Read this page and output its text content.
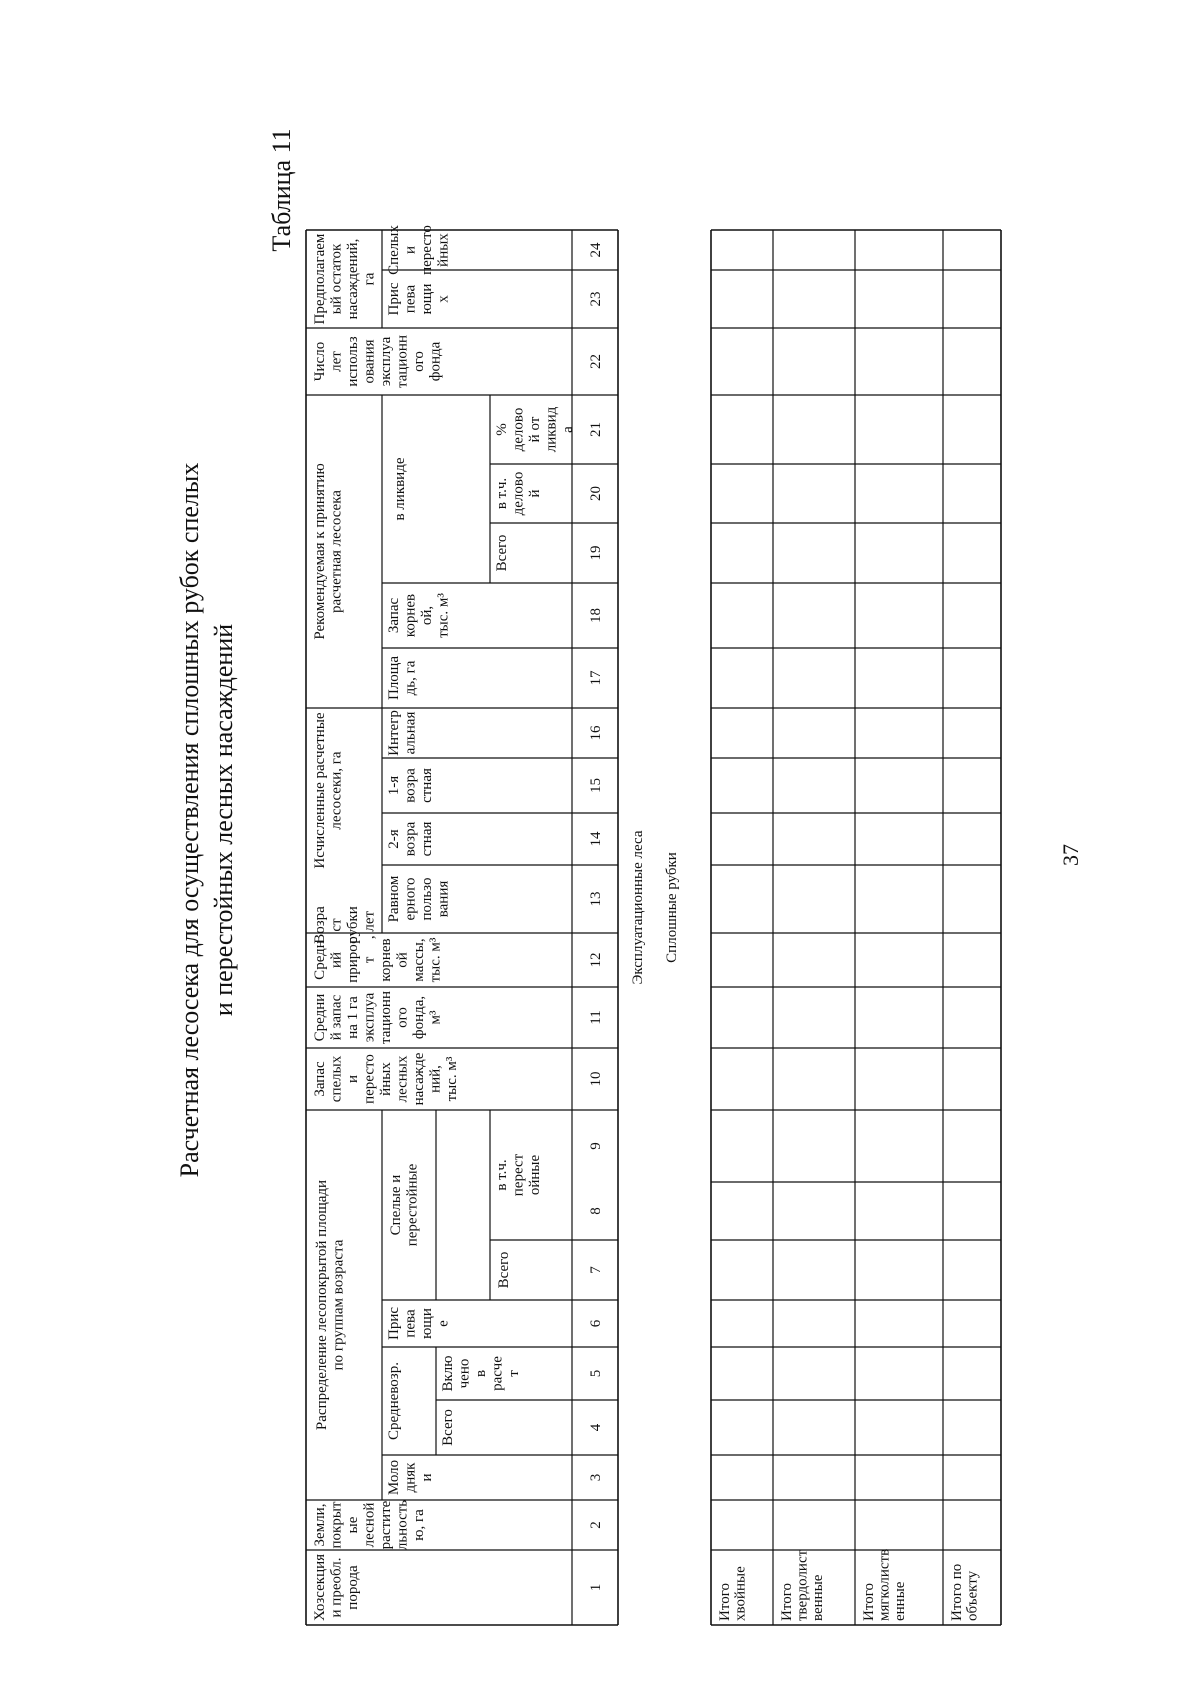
Расчетная лесосека для осуществления сплошных рубок спелых и перестойных лесных насаждений
Таблица 11
37
Хозсекция и преобл. порода
Земли, покрыт ые лесной растите льность ю, га
Распределение лесопокрытой площади по группам возраста
Моло дняк и
Средневозр.	Всего
Вклю чено в расче т
Прис пева ющи е
Спелые и перестойные
Всего
в т.ч. перест ойные
Запас спелых и пересто йных лесных насажде ний, тыс. м³
Средни й запас на 1 га эксплуа тационн ого фонда, м³
Средн ий прирос т корнев ой массы, тыс. м³
Возра ст рубки , лет
Исчисленные расчетные лесосеки, га
Равном ерного пользо вания
2-я возра стная
1-я возра стная
Интегр альная
Рекомендуемая к принятию расчетная лесосека
Площа дь, га
Запас корнев ой, тыс. м³
в ликвиде
Всего
в т.ч. делово й
% делово й от ликвид а
Число лет использ ования эксплуа тационн ого фонда
Предполагаем ый остаток насаждений, га
Прис пева ющи х
Спелых и пересто йных
1
2
3
4
5
6
7
8
9
10
11
12
13
14
15
16
17
18
19
20
21
22
23
24
Эксплуатационные леса Сплошные рубки
Итого хвойные Итого твердолист венные Итого мягколиств енные	Итого по объекту
